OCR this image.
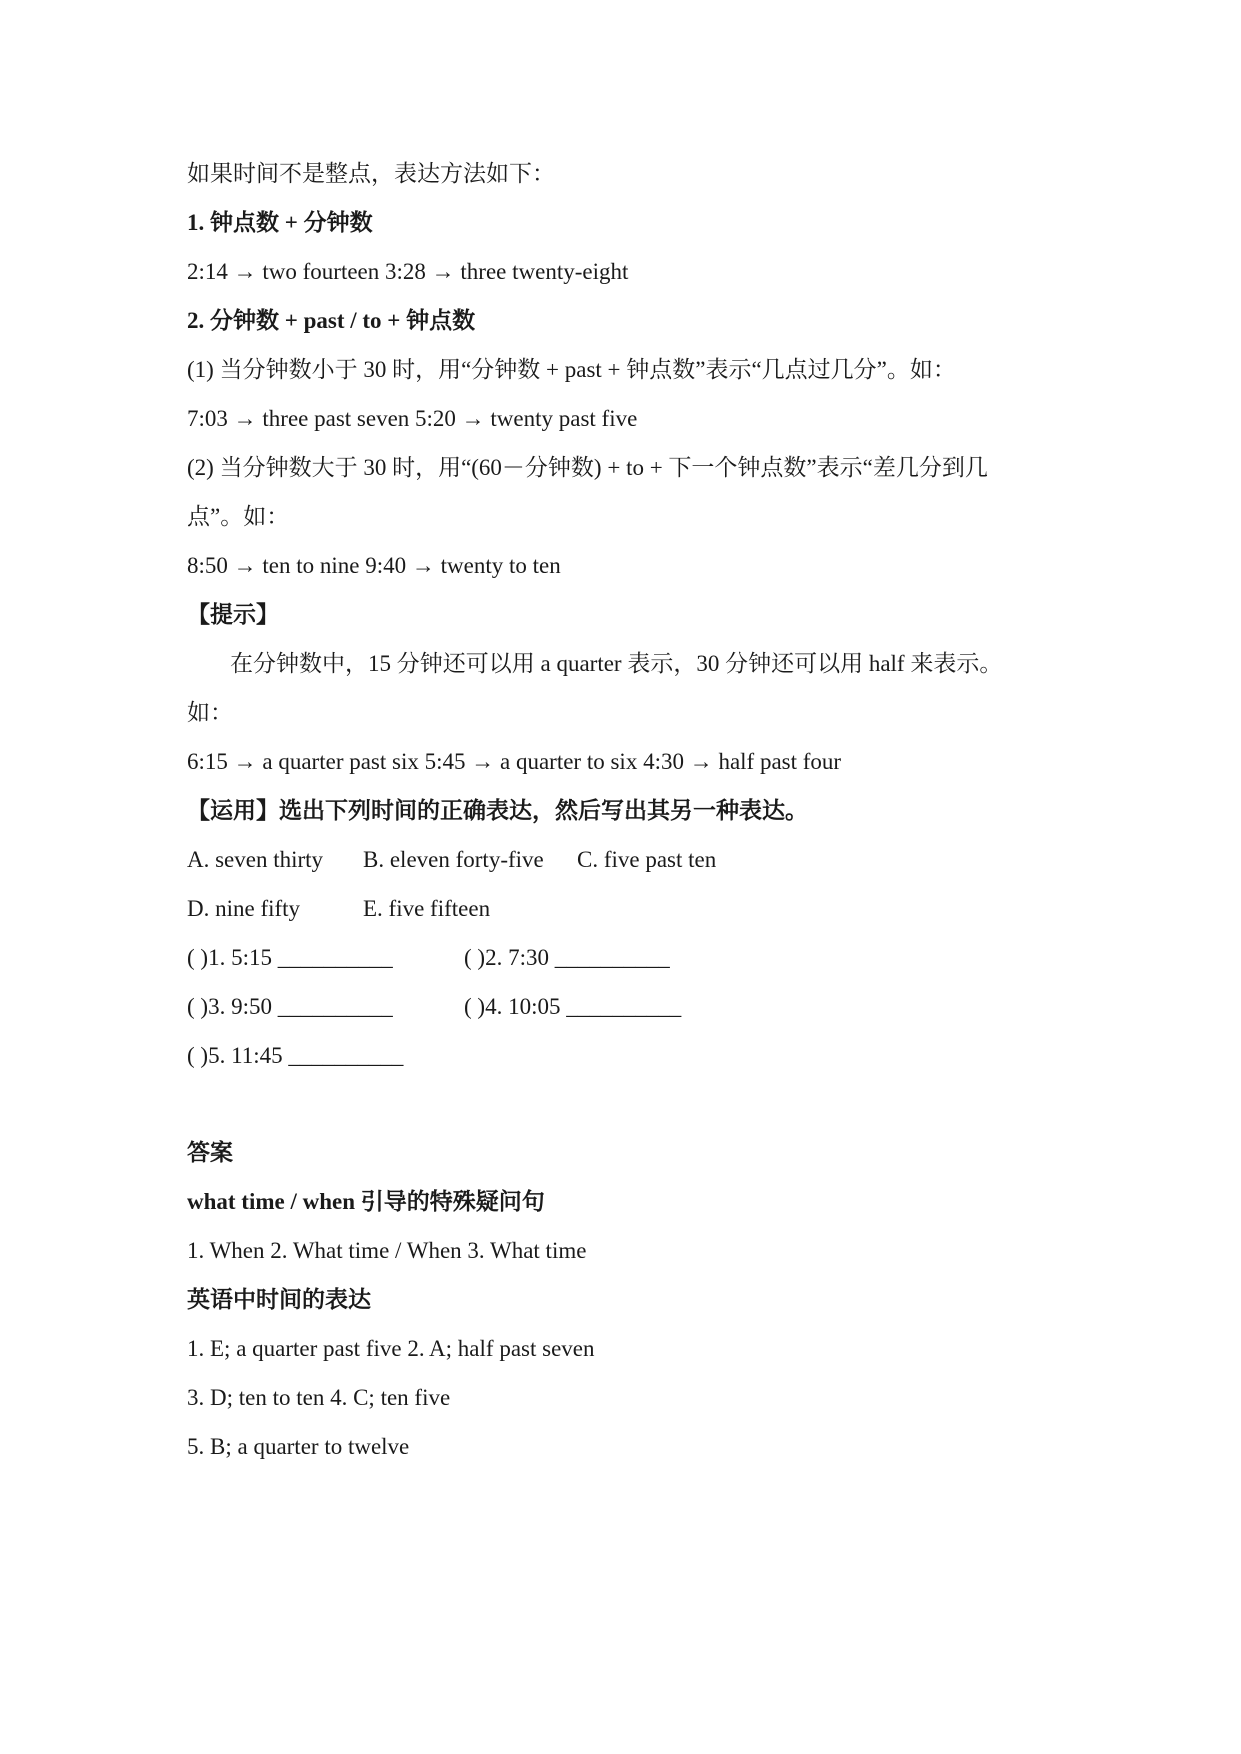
如果时间不是整点，表达方法如下：
1. 钟点数 + 分钟数
2:14 → two fourteen 3:28 → three twenty-eight
2. 分钟数 + past / to + 钟点数
(1) 当分钟数小于 30 时，用“分钟数 + past + 钟点数”表示“几点过几分”。如：
7:03 → three past seven 5:20 → twenty past five
(2) 当分钟数大于 30 时，用“(60－分钟数) + to + 下一个钟点数”表示“差几分到几
点”。如：
8:50 → ten to nine 9:40 → twenty to ten
【提示】
在分钟数中，15 分钟还可以用 a quarter 表示，30 分钟还可以用 half 来表示。
如：
6:15 → a quarter past six 5:45 → a quarter to six 4:30 → half past four
【运用】选出下列时间的正确表达，然后写出其另一种表达。
A. seven thirty B. eleven forty-five C. five past ten
D. nine fifty	E. five fifteen
( )1. 5:15 __________	( )2. 7:30 __________
( )3. 9:50 __________	( )4. 10:05 __________
( )5. 11:45 __________
答案
what time / when 引导的特殊疑问句
1. When 2. What time / When 3. What time
英语中时间的表达
1. E; a quarter past five 2. A; half past seven
3. D; ten to ten 4. C; ten five
5. B; a quarter to twelve
